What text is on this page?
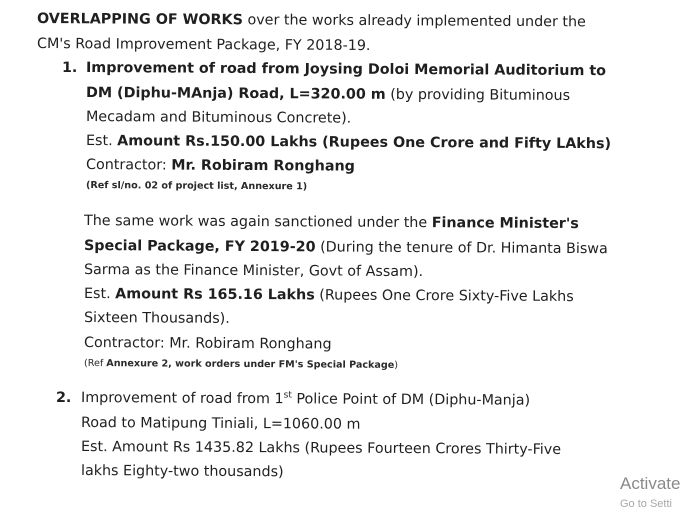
OVERLAPPING OF WORKS over the works already implemented under the
CM's Road Improvement Package, FY 2018-19.
1. Improvement of road from Joysing Doloi Memorial Auditorium to
DM (Diphu-MAnja) Road, L=320.00 m (by providing Bituminous
Mecadam and Bituminous Concrete).
Est. Amount Rs.150.00 Lakhs (Rupees One Crore and Fifty LAkhs)
Contractor: Mr. Robiram Ronghang
(Ref sl/no. 02 of project list, Annexure 1)
The same work was again sanctioned under the Finance Minister's
Special Package, FY 2019-20 (During the tenure of Dr. Himanta Biswa
Sarma as the Finance Minister, Govt of Assam).
Est. Amount Rs 165.16 Lakhs (Rupees One Crore Sixty-Five Lakhs
Sixteen Thousands).
Contractor: Mr. Robiram Ronghang
(Ref Annexure 2, work orders under FM's Special Package)
2. Improvement of road from 1st Police Point of DM (Diphu-Manja)
Road to Matipung Tiniali, L=1060.00 m
Est. Amount Rs 1435.82 Lakhs (Rupees Fourteen Crores Thirty-Five
lakhs Eighty-two thousands)
Activate
Go to Setti
